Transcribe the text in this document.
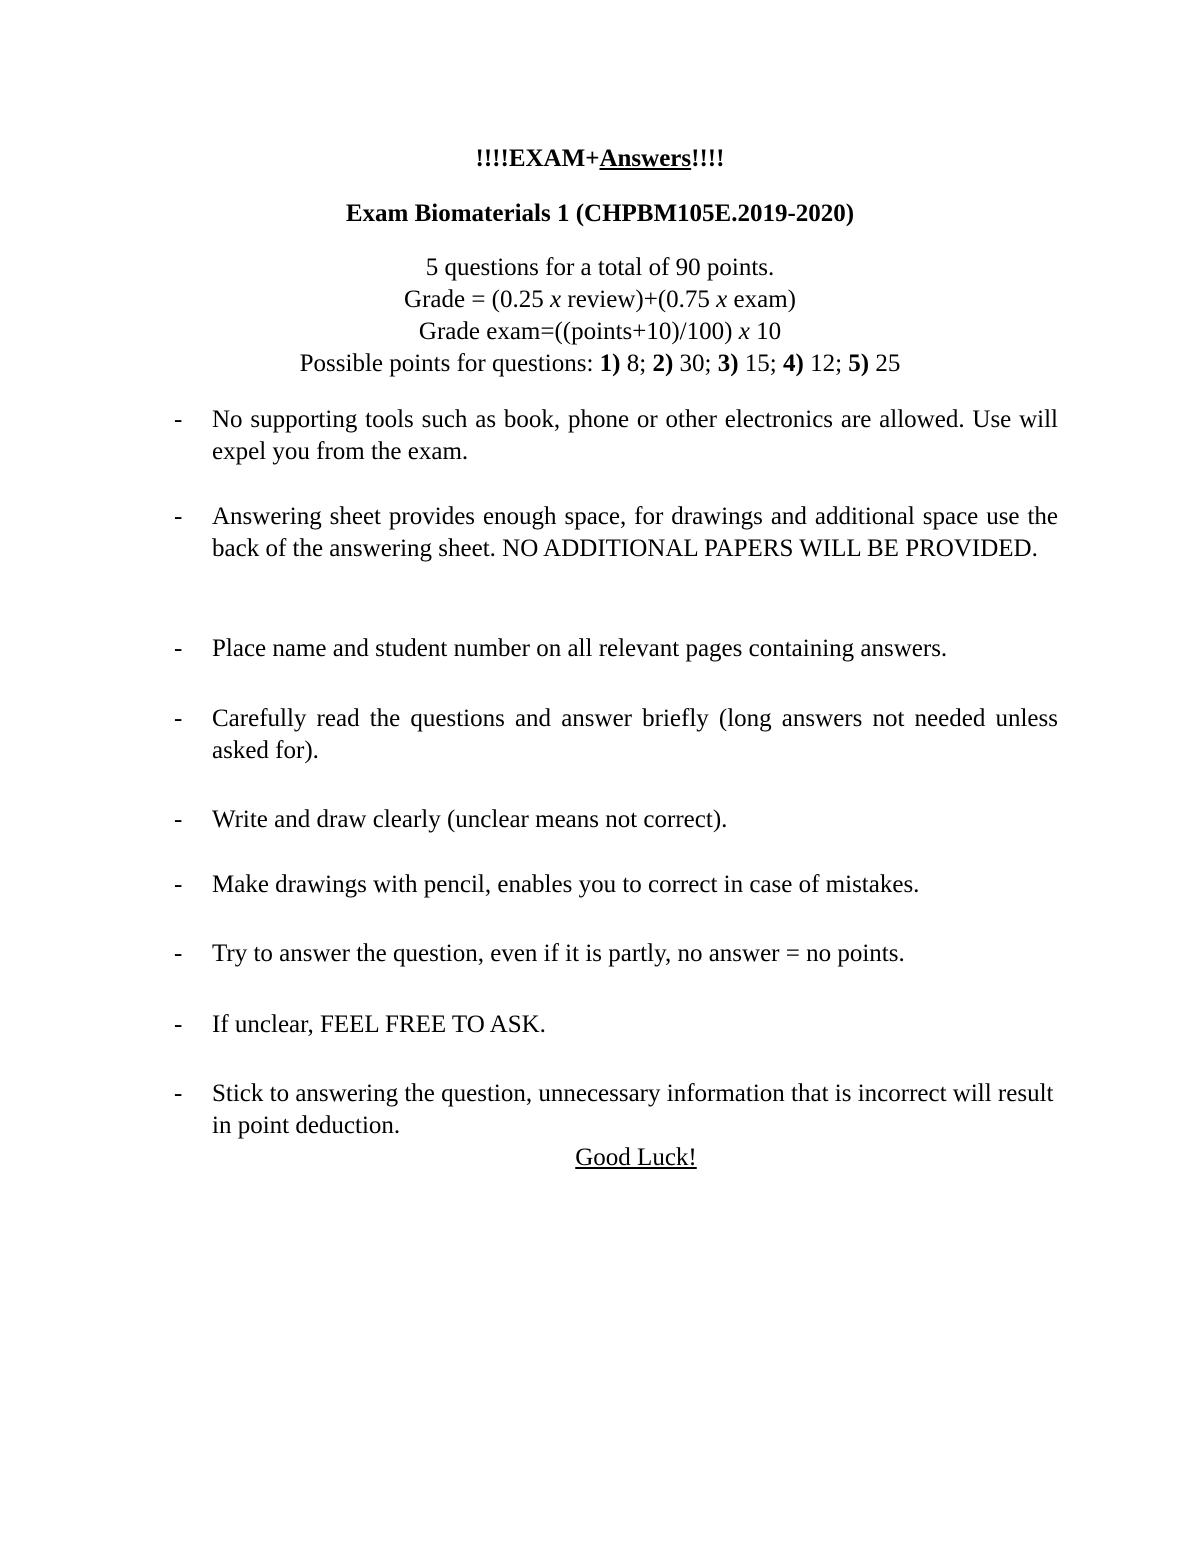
!!!!EXAM+Answers!!!!
Exam Biomaterials 1 (CHPBM105E.2019-2020)
5 questions for a total of 90 points.
Grade = (0.25 x review)+(0.75 x exam)
Grade exam=((points+10)/100) x 10
Possible points for questions: 1) 8; 2) 30; 3) 15; 4) 12; 5) 25
- No supporting tools such as book, phone or other electronics are allowed. Use will expel you from the exam.
- Answering sheet provides enough space, for drawings and additional space use the back of the answering sheet. NO ADDITIONAL PAPERS WILL BE PROVIDED.
- Place name and student number on all relevant pages containing answers.
- Carefully read the questions and answer briefly (long answers not needed unless asked for).
- Write and draw clearly (unclear means not correct).
- Make drawings with pencil, enables you to correct in case of mistakes.
- Try to answer the question, even if it is partly, no answer = no points.
- If unclear, FEEL FREE TO ASK.
- Stick to answering the question, unnecessary information that is incorrect will result in point deduction.
Good Luck!
